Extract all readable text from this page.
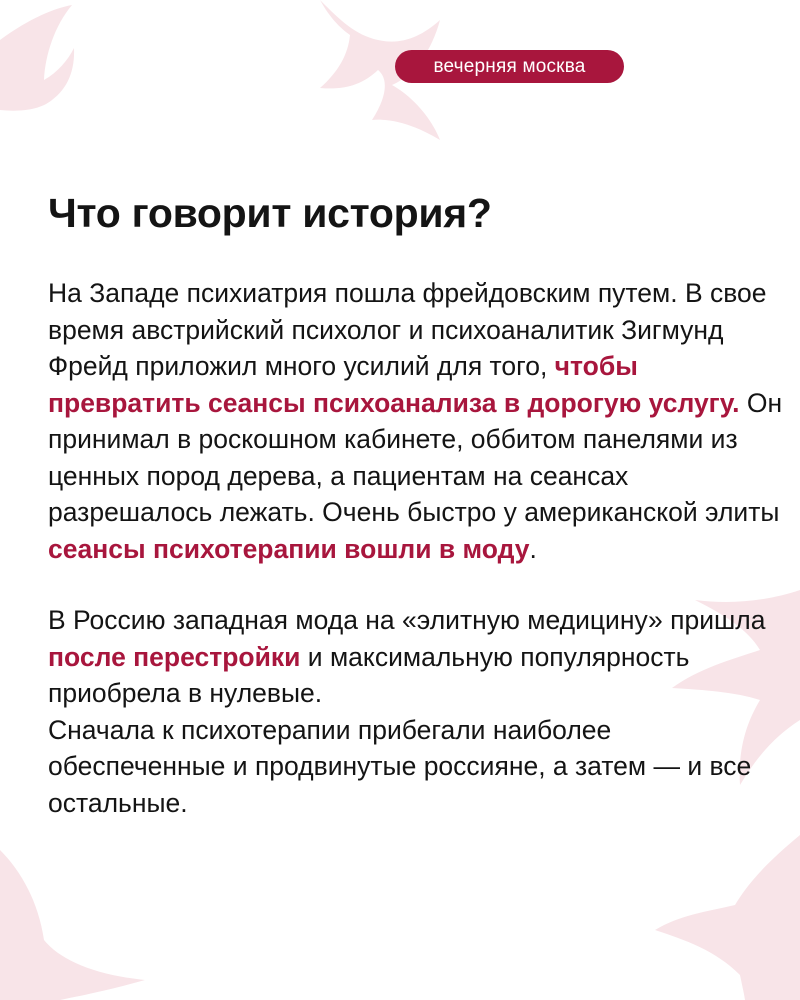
вечерняя москва
Что говорит история?

На Западе психиатрия пошла фрейдовским путем. В свое время австрийский психолог и психоаналитик Зигмунд Фрейд приложил много усилий для того, чтобы превратить сеансы психоанализа в дорогую услугу. Он принимал в роскошном кабинете, оббитом панелями из ценных пород дерева, а пациентам на сеансах разрешалось лежать. Очень быстро у американской элиты сеансы психотерапии вошли в моду.

В Россию западная мода на «элитную медицину» пришла после перестройки и максимальную популярность приобрела в нулевые.

Сначала к психотерапии прибегали наиболее обеспеченные и продвинутые россияне, а затем — и все остальные.
